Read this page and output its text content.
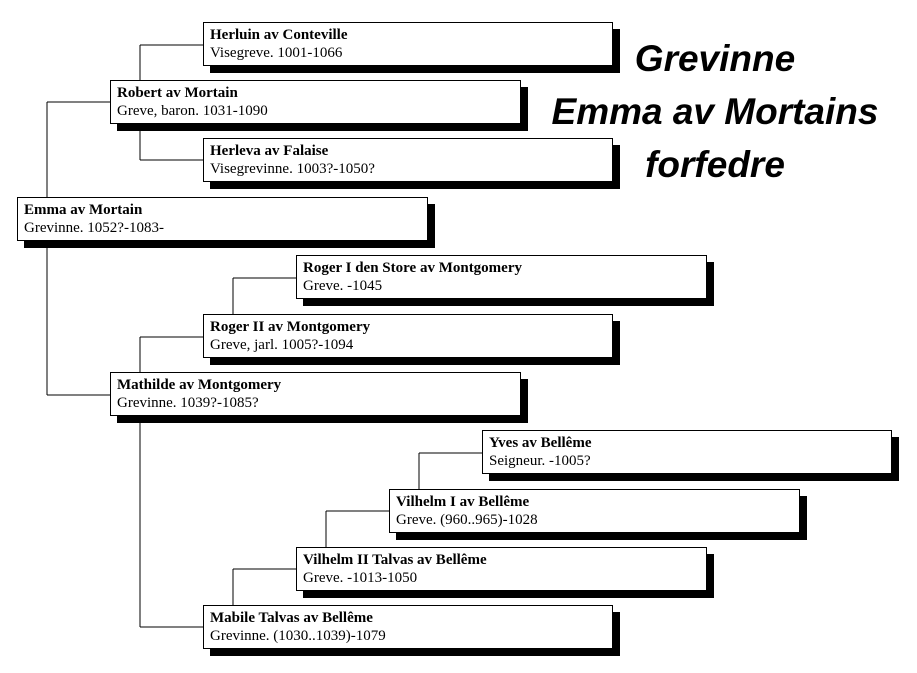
Herluin av Conteville
Visegreve. 1001-1066
Robert av Mortain
Greve, baron. 1031-1090
Herleva av Falaise
Visegrevinne. 1003?-1050?
Emma av Mortain
Grevinne. 1052?-1083-
Roger I den Store av Montgomery
Greve. -1045
Roger II av Montgomery
Greve, jarl. 1005?-1094
Mathilde av Montgomery
Grevinne. 1039?-1085?
Yves av Bellême
Seigneur. -1005?
Vilhelm I av Bellême
Greve. (960..965)-1028
Vilhelm II Talvas av Bellême
Greve. -1013-1050
Mabile Talvas av Bellême
Grevinne. (1030..1039)-1079
Grevinne
Emma av Mortains
forfedre
